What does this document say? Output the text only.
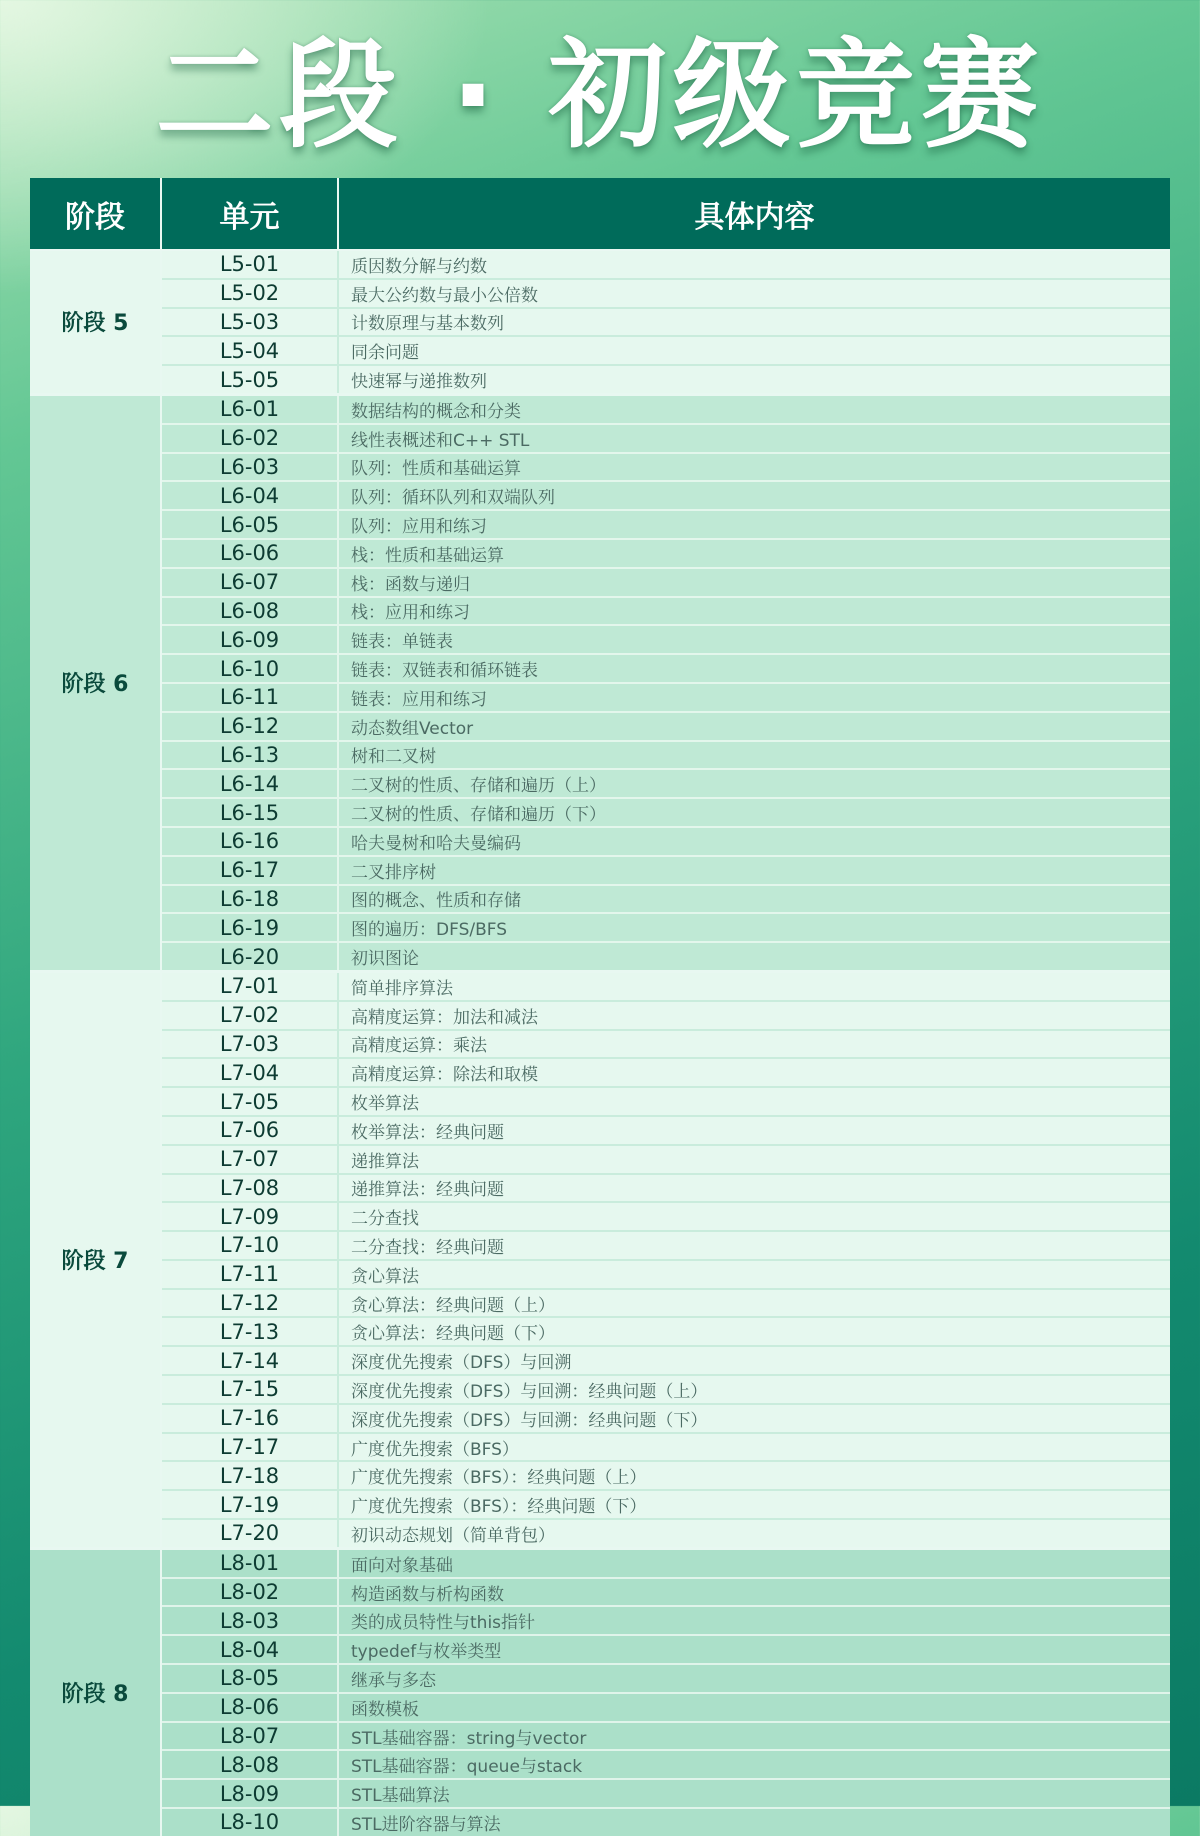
二段 · 初级竞赛
阶段	单元	具体内容
阶段 5
L5-01	质因数分解与约数
L5-02	最大公约数与最小公倍数
L5-03	计数原理与基本数列
L5-04	同余问题
L5-05	快速幂与递推数列
阶段 6
L6-01	数据结构的概念和分类
L6-02	线性表概述和C++ STL
L6-03	队列：性质和基础运算
L6-04	队列：循环队列和双端队列
L6-05	队列：应用和练习
L6-06	栈：性质和基础运算
L6-07	栈：函数与递归
L6-08	栈：应用和练习
L6-09	链表：单链表
L6-10	链表：双链表和循环链表
L6-11	链表：应用和练习
L6-12	动态数组Vector
L6-13	树和二叉树
L6-14	二叉树的性质、存储和遍历（上）
L6-15	二叉树的性质、存储和遍历（下）
L6-16	哈夫曼树和哈夫曼编码
L6-17	二叉排序树
L6-18	图的概念、性质和存储
L6-19	图的遍历：DFS/BFS
L6-20	初识图论
阶段 7
L7-01	简单排序算法
L7-02	高精度运算：加法和减法
L7-03	高精度运算：乘法
L7-04	高精度运算：除法和取模
L7-05	枚举算法
L7-06	枚举算法：经典问题
L7-07	递推算法
L7-08	递推算法：经典问题
L7-09	二分查找
L7-10	二分查找：经典问题
L7-11	贪心算法
L7-12	贪心算法：经典问题（上）
L7-13	贪心算法：经典问题（下）
L7-14	深度优先搜索（DFS）与回溯
L7-15	深度优先搜索（DFS）与回溯：经典问题（上）
L7-16	深度优先搜索（DFS）与回溯：经典问题（下）
L7-17	广度优先搜索（BFS）
L7-18	广度优先搜索（BFS）：经典问题（上）
L7-19	广度优先搜索（BFS）：经典问题（下）
L7-20	初识动态规划（简单背包）
阶段 8
L8-01	面向对象基础
L8-02	构造函数与析构函数
L8-03	类的成员特性与this指针
L8-04	typedef与枚举类型
L8-05	继承与多态
L8-06	函数模板
L8-07	STL基础容器：string与vector
L8-08	STL基础容器：queue与stack
L8-09	STL基础算法
L8-10	STL进阶容器与算法
